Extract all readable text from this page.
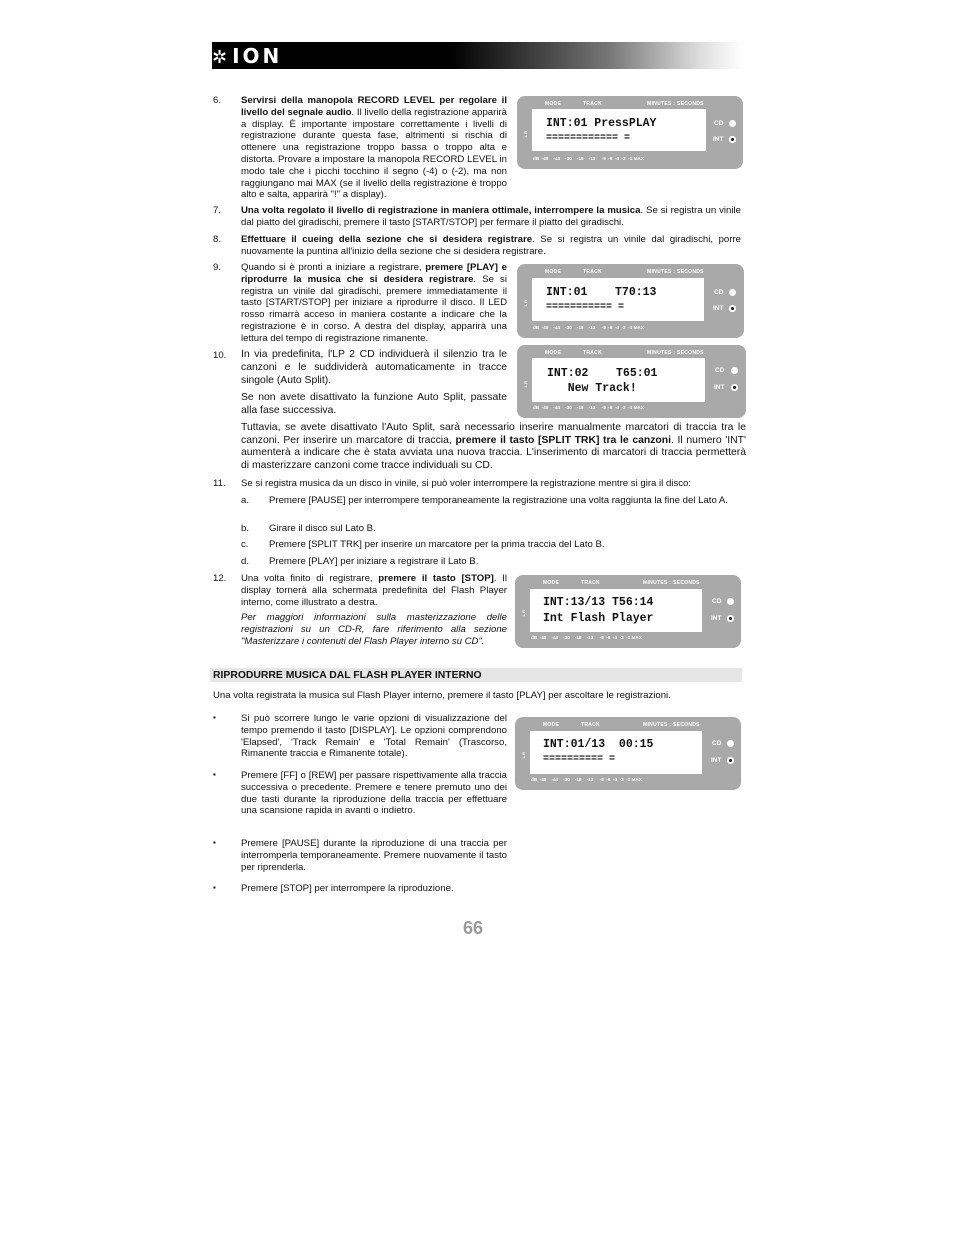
✲ ION
6. Servirsi della manopola RECORD LEVEL per regolare il livello del segnale audio. Il livello della registrazione apparirà a display. È importante impostare correttamente i livelli di registrazione durante questa fase, altrimenti si rischia di ottenere una registrazione troppo bassa o troppo alta e distorta. Provare a impostare la manopola RECORD LEVEL in modo tale che i picchi tocchino il segno (-4) o (-2), ma non raggiungano mai MAX (se il livello della registrazione è troppo alto e salta, apparirà "!" a display).
MODE	TRACK	MINUTES : SECONDS
INT:01 PressPLAY
============ =
L R
dB  -40    -44    -30    -18    -13     -9  -6  -4  -2  -1 MAX
CD
INT
7. Una volta regolato il livello di registrazione in maniera ottimale, interrompere la musica. Se si registra un vinile dal piatto del giradischi, premere il tasto [START/STOP] per fermare il piatto del giradischi.
8. Effettuare il cueing della sezione che si desidera registrare. Se si registra un vinile dal giradischi, porre nuovamente la puntina all'inizio della sezione che si desidera registrare.
9. Quando si è pronti a iniziare a registrare, premere [PLAY] e riprodurre la musica che si desidera registrare. Se si registra un vinile dal giradischi, premere immediatamente il tasto [START/STOP] per iniziare a riprodurre il disco. Il LED rosso rimarrà acceso in maniera costante a indicare che la registrazione è in corso. A destra del display, apparirà una lettura del tempo di registrazione rimanente.
MODE	TRACK	MINUTES : SECONDS
INT:01    T70:13
=========== =
L R
dB  -40    -44    -30    -18    -13     -9  -6  -4  -2  -1 MAX
CD
INT
10. In via predefinita, l'LP 2 CD individuerà il silenzio tra le canzoni e le suddividerà automaticamente in tracce singole (Auto Split).
Se non avete disattivato la funzione Auto Split, passate alla fase successiva.
MODE	TRACK	MINUTES : SECONDS
INT:02    T65:01
New Track!
L R
dB  -40    -44    -30    -18    -13     -9  -6  -4  -2  -1 MAX
CD
INT
Tuttavia, se avete disattivato l'Auto Split, sarà necessario inserire manualmente marcatori di traccia tra le canzoni. Per inserire un marcatore di traccia, premere il tasto [SPLIT TRK] tra le canzoni. Il numero 'INT' aumenterà a indicare che è stata avviata una nuova traccia. L'inserimento di marcatori di traccia permetterà di masterizzare canzoni come tracce individuali su CD.
11. Se si registra musica da un disco in vinile, si può voler interrompere la registrazione mentre si gira il disco:
a. Premere [PAUSE] per interrompere temporaneamente la registrazione una volta raggiunta la fine del Lato A.
b. Girare il disco sul Lato B.
c. Premere [SPLIT TRK] per inserire un marcatore per la prima traccia del Lato B.
d. Premere [PLAY] per iniziare a registrare il Lato B.
12. Una volta finito di registrare, premere il tasto [STOP]. Il display tornerà alla schermata predefinita del Flash Player interno, come illustrato a destra.
Per maggiori informazioni sulla masterizzazione delle registrazioni su un CD-R, fare riferimento alla sezione "Masterizzare i contenuti del Flash Player interno su CD".
MODE	TRACK	MINUTES : SECONDS
INT:13/13 T56:14
Int Flash Player
L R
dB  -40    -44    -30    -18    -13     -9  -6  -4  -2  -1 MAX
CD
INT
RIPRODURRE MUSICA DAL FLASH PLAYER INTERNO
Una volta registrata la musica sul Flash Player interno, premere il tasto [PLAY] per ascoltare le registrazioni.
▪	Si può scorrere lungo le varie opzioni di visualizzazione del tempo premendo il tasto [DISPLAY]. Le opzioni comprendono 'Elapsed', 'Track Remain' e 'Total Remain' (Trascorso, Rimanente traccia e Rimanente totale).
▪	Premere [FF] o [REW] per passare rispettivamente alla traccia successiva o precedente. Premere e tenere premuto uno dei due tasti durante la riproduzione della traccia per effettuare una scansione rapida in avanti o indietro.
▪	Premere [PAUSE] durante la riproduzione di una traccia per interromperla temporaneamente. Premere nuovamente il tasto per riprenderla.
▪	Premere [STOP] per interrompere la riproduzione.
MODE	TRACK	MINUTES : SECONDS
INT:01/13  00:15
========== =
L R
dB  -40    -44    -30    -18    -13     -9  -6  -4  -2  -1 MAX
CD
INT
66
